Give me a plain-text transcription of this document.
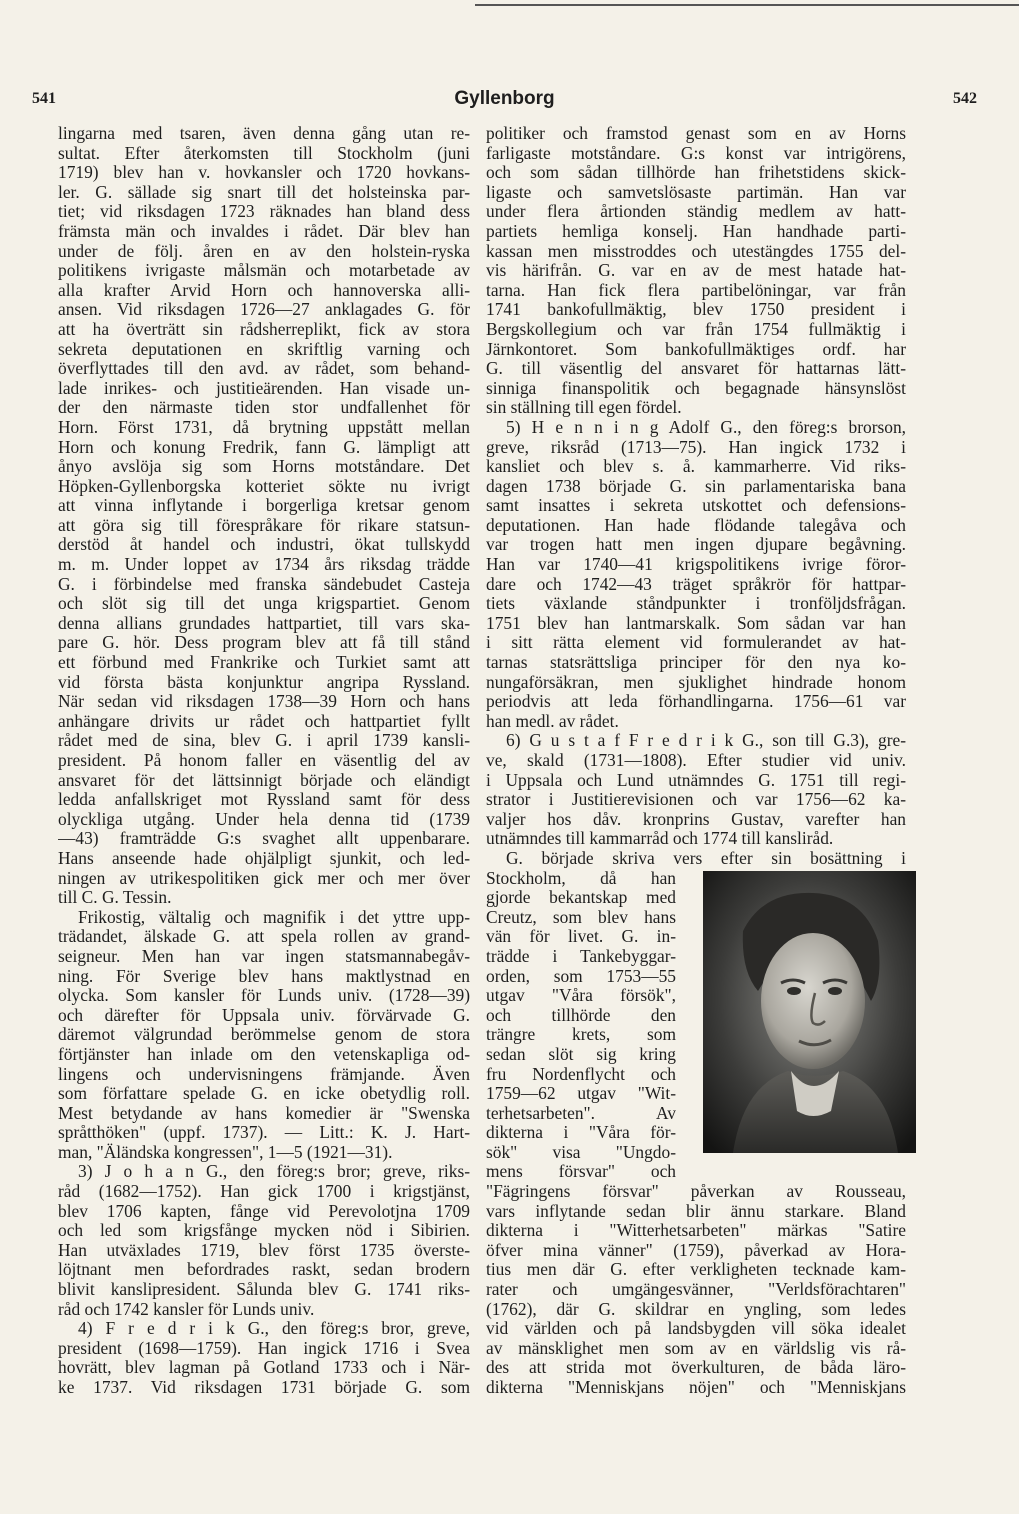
541	Gyllenborg	542
lingarna med tsaren, även denna gång utan re-
sultat. Efter återkomsten till Stockholm (juni
1719) blev han v. hovkansler och 1720 hovkans-
ler. G. sällade sig snart till det holsteinska par-
tiet; vid riksdagen 1723 räknades han bland dess
främsta män och invaldes i rådet. Där blev han
under de följ. åren en av den holstein-ryska
politikens ivrigaste målsmän och motarbetade av
alla krafter Arvid Horn och hannoverska alli-
ansen. Vid riksdagen 1726—27 anklagades G. för
att ha överträtt sin rådsherreplikt, fick av stora
sekreta deputationen en skriftlig varning och
överflyttades till den avd. av rådet, som behand-
lade inrikes- och justitieärenden. Han visade un-
der den närmaste tiden stor undfallenhet för
Horn. Först 1731, då brytning uppstått mellan
Horn och konung Fredrik, fann G. lämpligt att
ånyo avslöja sig som Horns motståndare. Det
Höpken-Gyllenborgska kotteriet sökte nu ivrigt
att vinna inflytande i borgerliga kretsar genom
att göra sig till förespråkare för rikare statsun-
derstöd åt handel och industri, ökat tullskydd
m. m. Under loppet av 1734 års riksdag trädde
G. i förbindelse med franska sändebudet Casteja
och slöt sig till det unga krigspartiet. Genom
denna allians grundades hattpartiet, till vars ska-
pare G. hör. Dess program blev att få till stånd
ett förbund med Frankrike och Turkiet samt att
vid första bästa konjunktur angripa Ryssland.
När sedan vid riksdagen 1738—39 Horn och hans
anhängare drivits ur rådet och hattpartiet fyllt
rådet med de sina, blev G. i april 1739 kansli-
president. På honom faller en väsentlig del av
ansvaret för det lättsinnigt började och eländigt
ledda anfallskriget mot Ryssland samt för dess
olyckliga utgång. Under hela denna tid (1739
—43) framträdde G:s svaghet allt uppenbarare.
Hans anseende hade ohjälpligt sjunkit, och led-
ningen av utrikespolitiken gick mer och mer över
till C. G. Tessin.
Frikostig, vältalig och magnifik i det yttre upp-
trädandet, älskade G. att spela rollen av grand-
seigneur. Men han var ingen statsmannabegåv-
ning. För Sverige blev hans maktlystnad en
olycka. Som kansler för Lunds univ. (1728—39)
och därefter för Uppsala univ. förvärvade G.
däremot välgrundad berömmelse genom de stora
förtjänster han inlade om den vetenskapliga od-
lingens och undervisningens främjande. Även
som författare spelade G. en icke obetydlig roll.
Mest betydande av hans komedier är "Swenska
språtthöken" (uppf. 1737). — Litt.: K. J. Hart-
man, "Äländska kongressen", 1—5 (1921—31).
3) J o h a n G., den föreg:s bror; greve, riks-
råd (1682—1752). Han gick 1700 i krigstjänst,
blev 1706 kapten, fånge vid Perevolotjna 1709
och led som krigsfånge mycken nöd i Sibirien.
Han utväxlades 1719, blev först 1735 överste-
löjtnant men befordrades raskt, sedan brodern
blivit kanslipresident. Sålunda blev G. 1741 riks-
råd och 1742 kansler för Lunds univ.
4) F r e d r i k G., den föreg:s bror, greve,
president (1698—1759). Han ingick 1716 i Svea
hovrätt, blev lagman på Gotland 1733 och i När-
ke 1737. Vid riksdagen 1731 började G. som
politiker och framstod genast som en av Horns
farligaste motståndare. G:s konst var intrigörens,
och som sådan tillhörde han frihetstidens skick-
ligaste och samvetslösaste partimän. Han var
under flera årtionden ständig medlem av hatt-
partiets hemliga konselj. Han handhade parti-
kassan men misstroddes och utestängdes 1755 del-
vis härifrån. G. var en av de mest hatade hat-
tarna. Han fick flera partibelöningar, var från
1741 bankofullmäktig, blev 1750 president i
Bergskollegium och var från 1754 fullmäktig i
Järnkontoret. Som bankofullmäktiges ordf. har
G. till väsentlig del ansvaret för hattarnas lätt-
sinniga finanspolitik och begagnade hänsynslöst
sin ställning till egen fördel.
5) H e n n i n g Adolf G., den föreg:s brorson,
greve, riksråd (1713—75). Han ingick 1732 i
kansliet och blev s. å. kammarherre. Vid riks-
dagen 1738 började G. sin parlamentariska bana
samt insattes i sekreta utskottet och defensions-
deputationen. Han hade flödande talegåva och
var trogen hatt men ingen djupare begåvning.
Han var 1740—41 krigspolitikens ivrige föror-
dare och 1742—43 träget språkrör för hattpar-
tiets växlande ståndpunkter i tronföljdsfrågan.
1751 blev han lantmarskalk. Som sådan var han
i sitt rätta element vid formulerandet av hat-
tarnas statsrättsliga principer för den nya ko-
nungaförsäkran, men sjuklighet hindrade honom
periodvis att leda förhandlingarna. 1756—61 var
han medl. av rådet.
6) G u s t a f F r e d r i k G., son till G.3), gre-
ve, skald (1731—1808). Efter studier vid univ.
i Uppsala och Lund utnämndes G. 1751 till regi-
strator i Justitierevisionen och var 1756—62 ka-
valjer hos dåv. kronprins Gustav, varefter han
utnämndes till kammarråd och 1774 till kansliråd.
G. började skriva vers efter sin bosättning i
Stockholm, då han
gjorde bekantskap med
Creutz, som blev hans
vän för livet. G. in-
trädde i Tankebyggar-
orden, som 1753—55
utgav "Våra försök",
och tillhörde den
trängre krets, som
sedan slöt sig kring
fru Nordenflycht och
1759—62 utgav "Wit-
terhetsarbeten". Av
dikterna i "Våra för-
sök" visa "Ungdo-
mens försvar" och
"Fägringens försvar" påverkan av Rousseau,
vars inflytande sedan blir ännu starkare. Bland
dikterna i "Witterhetsarbeten" märkas "Satire
öfver mina vänner" (1759), påverkad av Hora-
tius men där G. efter verkligheten tecknade kam-
rater och umgängesvänner, "Verldsförachtaren"
(1762), där G. skildrar en yngling, som ledes
vid världen och på landsbygden vill söka idealet
av mänsklighet men som av en världslig vis rå-
des att strida mot överkulturen, de båda läro-
dikterna "Menniskjans nöjen" och "Menniskjans
